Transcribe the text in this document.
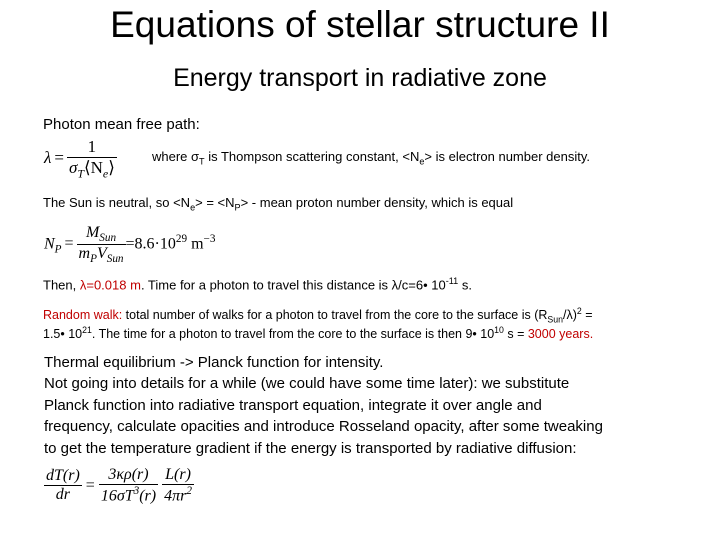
Equations of stellar structure II
Energy transport in radiative zone
Photon mean free path:
$\lambda = \frac{1}{\sigma_T⟨N_e⟩}$	where $\sigma_T$ is Thompson scattering constant, $<N_e>$ is electron number density.
The Sun is neutral, so $<N_e> = <N_P>$ - mean proton number density, which is equal
$N_P = \frac{M_{Sun}}{m_PV_{Sun}} =8.6\cdot 10^{29}$ $m^{-3}$
Then, λ=0.018 m. Time for a photon to travel this distance is λ/c=6• $10^{-11}$ s.
Random walk: total number of walks for a photon to travel from the core to the surface is $(R_{Sun}/\lambda)^2$ =
1.5• $10^{21}$. The time for a photon to travel from the core to the surface is then 9• $10^{10}$ s = 3000 years.
Thermal equilibrium -> Planck function for intensity.
Not going into details for a while (we could have some time later): we substitute
Planck function into radiative transport equation, integrate it over angle and
frequency, calculate opacities and introduce Rosseland opacity, after some tweaking
to get the temperature gradient if the energy is transported by radiative diffusion:
$\frac{dT(r)}{dr} = \frac{3\kappa\rho(r)}{16\sigma T^3(r)} \frac{L(r)}{4\pi r^2}$
